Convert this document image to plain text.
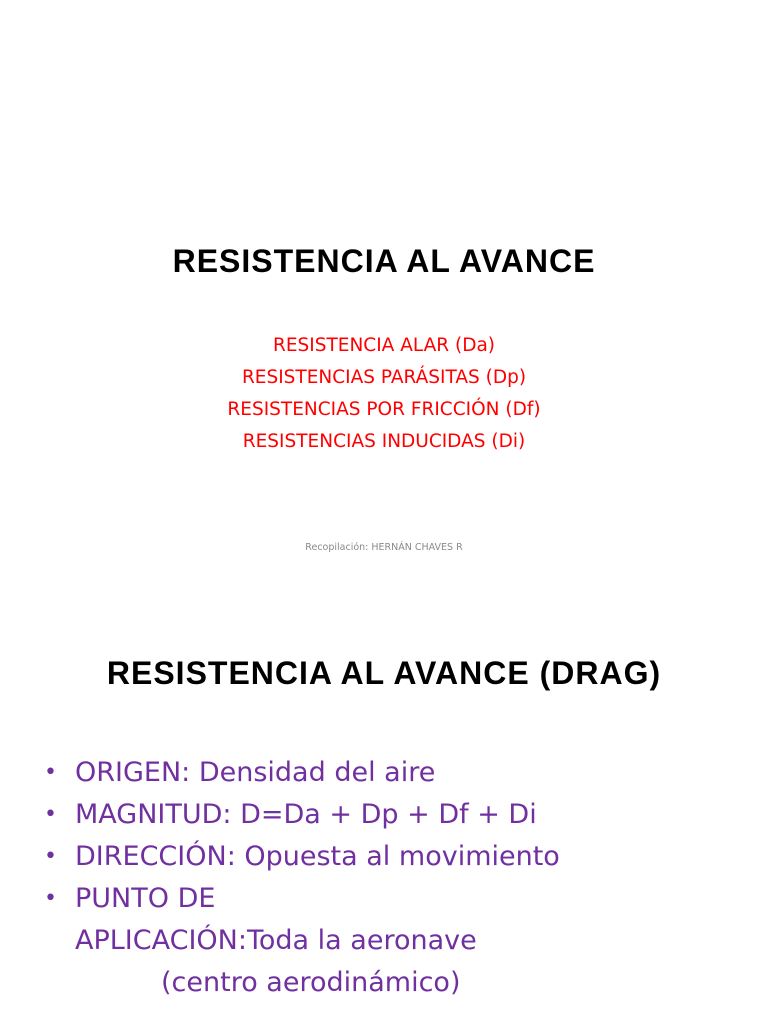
RESISTENCIA AL AVANCE
RESISTENCIA ALAR (Da)
RESISTENCIAS PARÁSITAS (Dp)
RESISTENCIAS POR FRICCIÓN (Df)
RESISTENCIAS INDUCIDAS (Di)
Recopilación: HERNÁN CHAVES R
RESISTENCIA AL AVANCE (DRAG)
• ORIGEN: Densidad del aire
• MAGNITUD: D=Da + Dp + Df + Di
• DIRECCIÓN: Opuesta al movimiento
• PUNTO DE
APLICACIÓN:Toda la aeronave
(centro aerodinámico)
